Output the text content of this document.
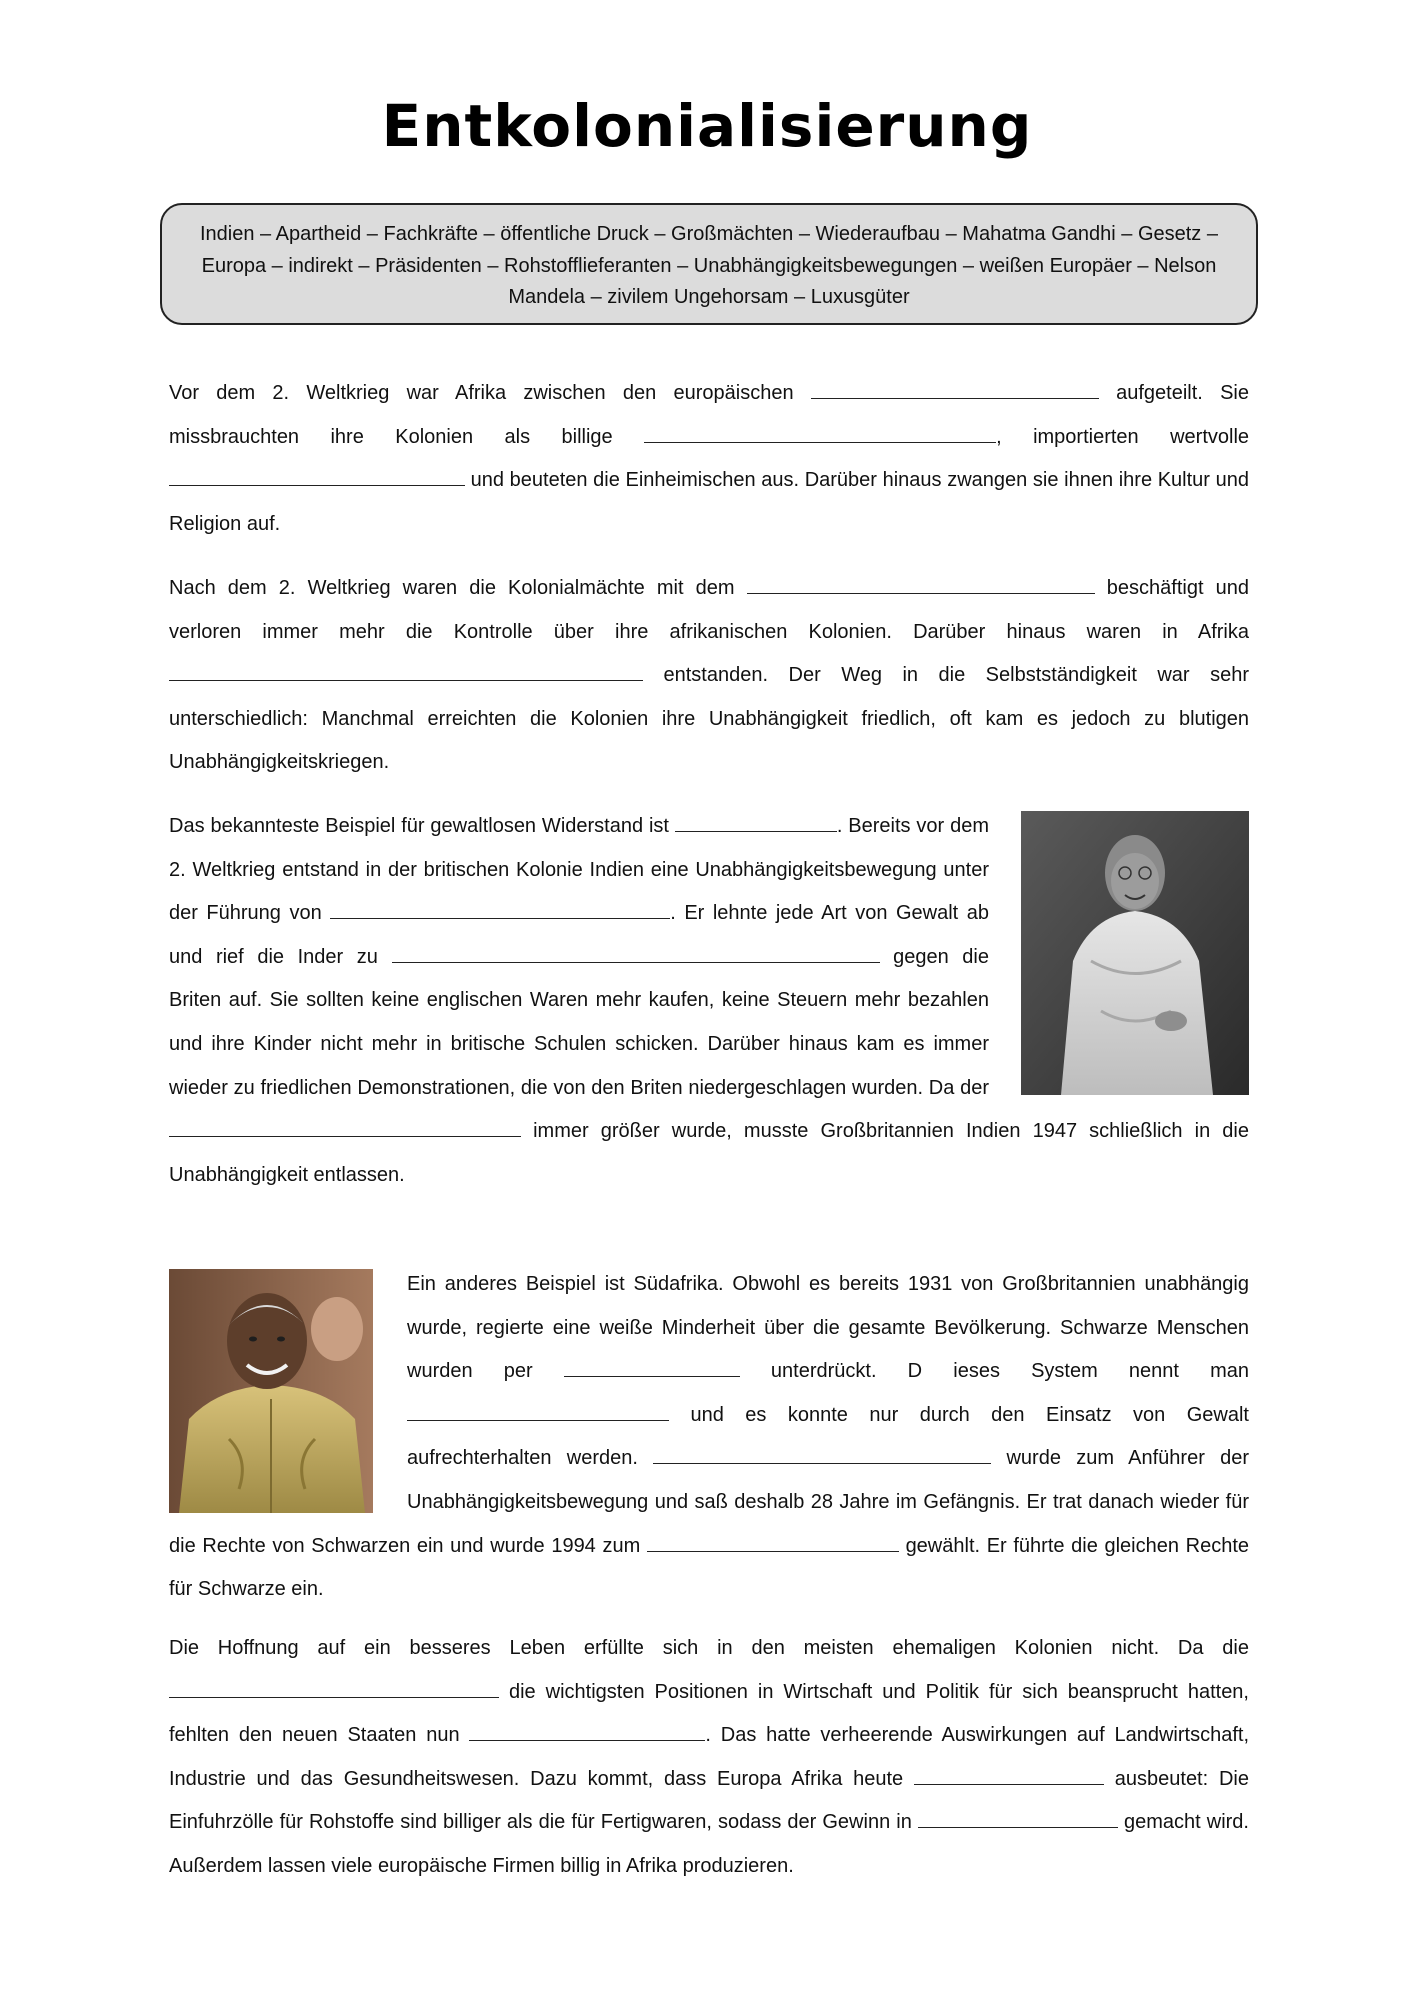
Entkolonialisierung
Indien – Apartheid – Fachkräfte – öffentliche Druck – Großmächten – Wiederaufbau – Mahatma Gandhi – Gesetz – Europa – indirekt – Präsidenten – Rohstofflieferanten – Unabhängigkeitsbewegungen – weißen Europäer – Nelson Mandela – zivilem Ungehorsam – Luxusgüter

Vor dem 2. Weltkrieg war Afrika zwischen den europäischen	aufgeteilt. Sie missbrauchten ihre Kolonien als billige	, importierten wertvolle  und beuteten die Einheimischen aus. Darüber hinaus zwangen sie ihnen ihre Kultur und Religion auf.

Nach dem 2. Weltkrieg waren die Kolonialmächte mit dem	beschäftigt und verloren immer mehr die Kontrolle über ihre afrikanischen Kolonien. Darüber hinaus waren in Afrika  entstanden. Der Weg in die Selbstständigkeit war sehr unterschiedlich: Manchmal erreichten die Kolonien ihre Unabhängigkeit friedlich, oft kam es jedoch zu blutigen Unabhängigkeitskriegen.

Das bekannteste Beispiel für gewaltlosen Widerstand ist	. Bereits vor dem 2. Weltkrieg entstand in der britischen Kolonie Indien eine Unabhängigkeitsbewegung unter der Führung von	. Er lehnte jede Art von Gewalt ab und rief die Inder zu	gegen die Briten auf. Sie sollten keine englischen Waren mehr kaufen, keine Steuern mehr bezahlen und ihre Kinder nicht mehr in britische Schulen schicken. Darüber hinaus kam es immer wieder zu friedlichen Demonstrationen, die von den Briten niedergeschlagen wurden. Da der  immer größer wurde, musste Großbritannien Indien 1947 schließlich in die Unabhängigkeit entlassen.
Ein anderes Beispiel ist Südafrika. Obwohl es bereits 1931 von Großbritannien unabhängig wurde, regierte eine weiße Minderheit über die gesamte Bevölkerung. Schwarze Menschen wurden per	unterdrückt. D ieses System nennt man  und es konnte nur durch den Einsatz von Gewalt aufrechterhalten werden.	wurde zum Anführer der Unabhängigkeitsbewegung und saß deshalb 28 Jahre im Gefängnis. Er trat danach wieder für die Rechte von Schwarzen ein und wurde 1994 zum	gewählt. Er führte die gleichen Rechte für Schwarze ein.

Die Hoffnung auf ein besseres Leben erfüllte sich in den meisten ehemaligen Kolonien nicht. Da die  die wichtigsten Positionen in Wirtschaft und Politik für sich beansprucht hatten, fehlten den neuen Staaten nun	. Das hatte verheerende Auswirkungen auf Landwirtschaft, Industrie und das Gesundheitswesen. Dazu kommt, dass Europa Afrika heute	ausbeutet: Die Einfuhrzölle für Rohstoffe sind billiger als die für Fertigwaren, sodass der Gewinn in	gemacht wird. Außerdem lassen viele europäische Firmen billig in Afrika produzieren.
